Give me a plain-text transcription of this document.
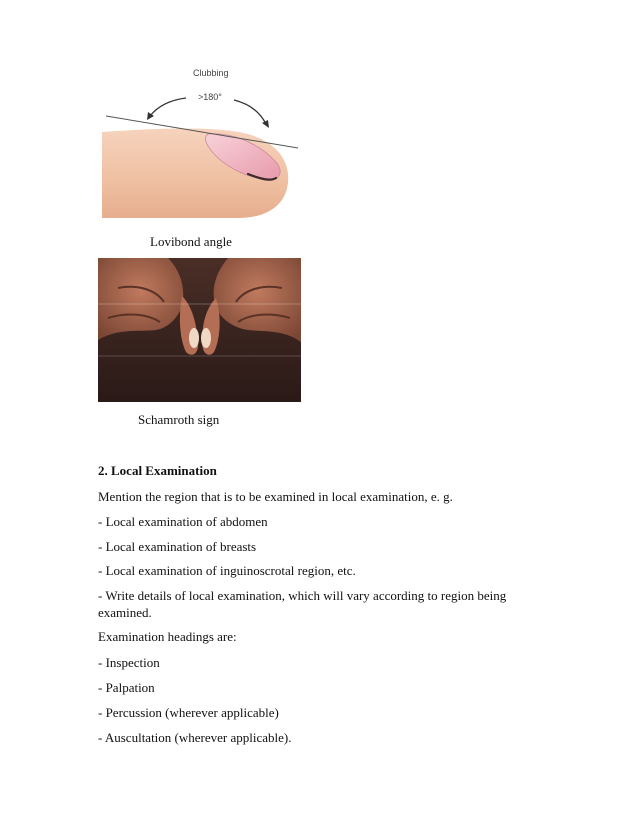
Clubbing
>180°
Lovibond angle
Schamroth sign
2. Local Examination
Mention the region that is to be examined in local examination, e. g.
- Local examination of abdomen
- Local examination of breasts
- Local examination of inguinoscrotal region, etc.
- Write details of local examination, which will vary according to region being examined.
Examination headings are:
- Inspection
- Palpation
- Percussion (wherever applicable)
- Auscultation (wherever applicable).
